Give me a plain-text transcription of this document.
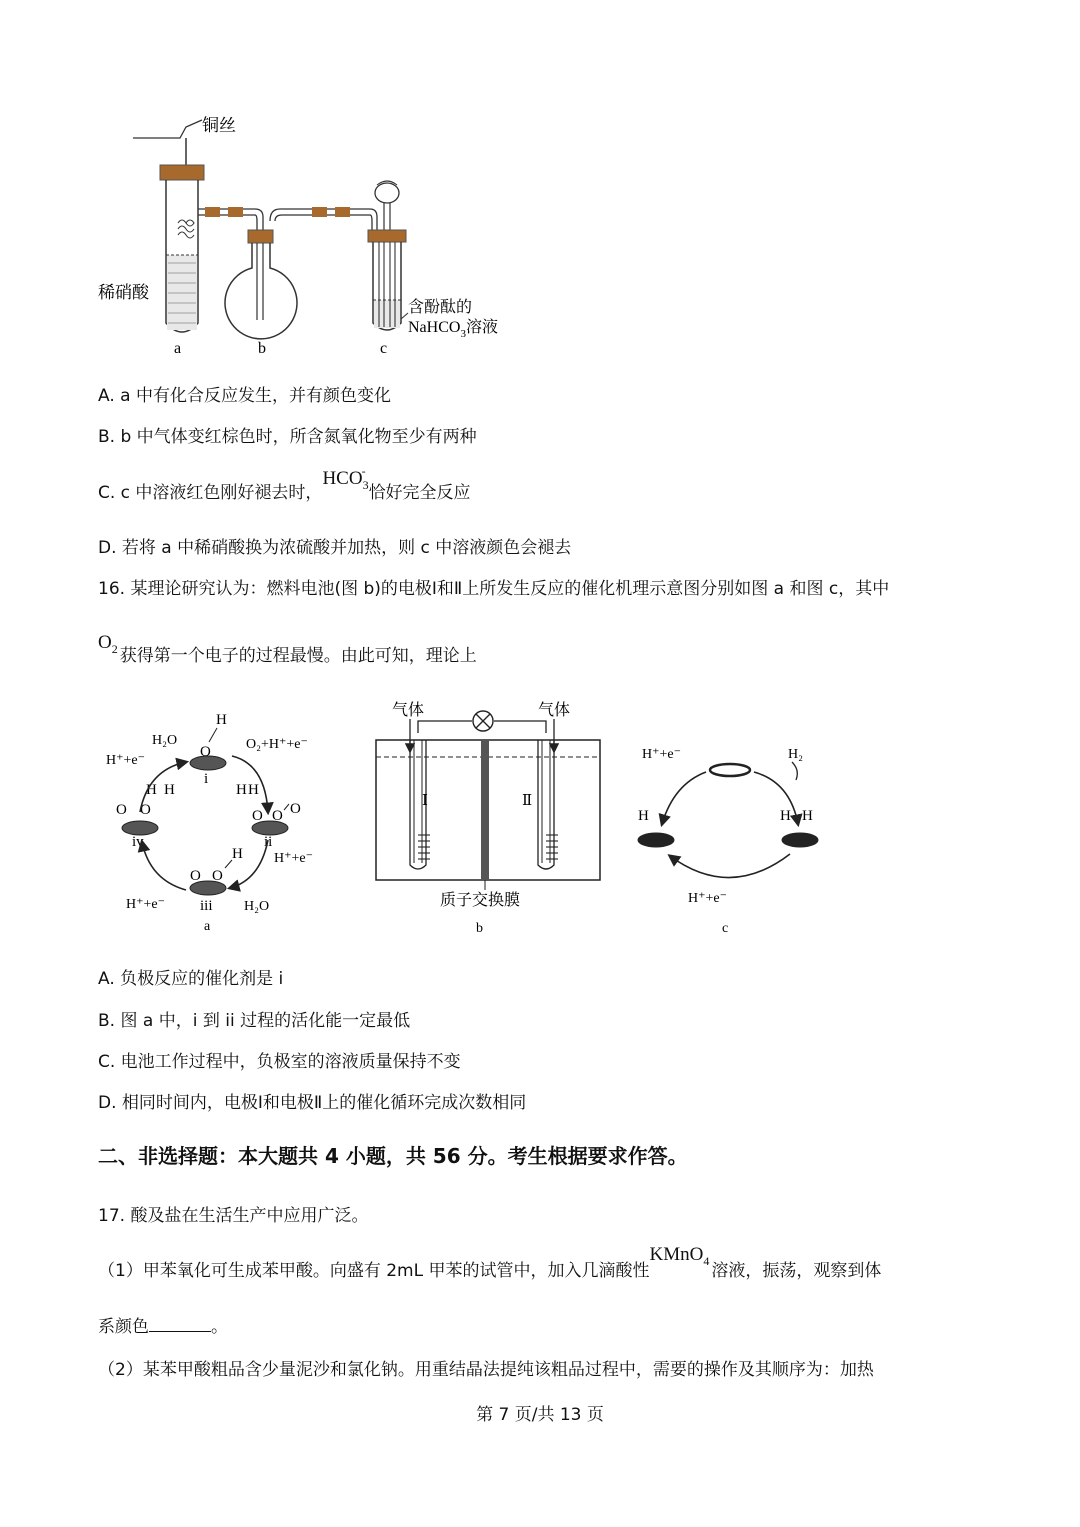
铜丝
稀硝酸
含酚酞的
NaHCO$_3$溶液
a	b	c
A. a 中有化合反应发生，并有颜色变化
B. b 中气体变红棕色时，所含氮氧化物至少有两种
C. c 中溶液红色刚好褪去时，$HCO_3^-$恰好完全反应
D. 若将 a 中稀硝酸换为浓硫酸并加热，则 c 中溶液颜色会褪去
16. 某理论研究认为：燃料电池(图 b)的电极Ⅰ和Ⅱ上所发生反应的催化机理示意图分别如图 a 和图 c，其中
$O_2$ 获得第一个电子的过程最慢。由此可知，理论上
i
ii
iii
iv
O
H
H H
O O O
O O
H H
O O
H
H₂O
H⁺+e⁻
O₂+H⁺+e⁻
H⁺+e⁻
H⁺+e⁻	H₂O
a
气体	气体
Ⅰ	Ⅱ
质子交换膜
b
H	H H
H⁺+e⁻	H₂
H⁺+e⁻
c
A. 负极反应的催化剂是 i
B. 图 a 中，i 到 ii 过程的活化能一定最低
C. 电池工作过程中，负极室的溶液质量保持不变
D. 相同时间内，电极Ⅰ和电极Ⅱ上的催化循环完成次数相同
二、非选择题：本大题共 4 小题，共 56 分。考生根据要求作答。
17. 酸及盐在生活生产中应用广泛。
（1）甲苯氧化可生成苯甲酸。向盛有 2mL 甲苯的试管中，加入几滴酸性KMnO$_4$溶液，振荡，观察到体
系颜色	。
（2）某苯甲酸粗品含少量泥沙和氯化钠。用重结晶法提纯该粗品过程中，需要的操作及其顺序为：加热
第 7 页/共 13 页
